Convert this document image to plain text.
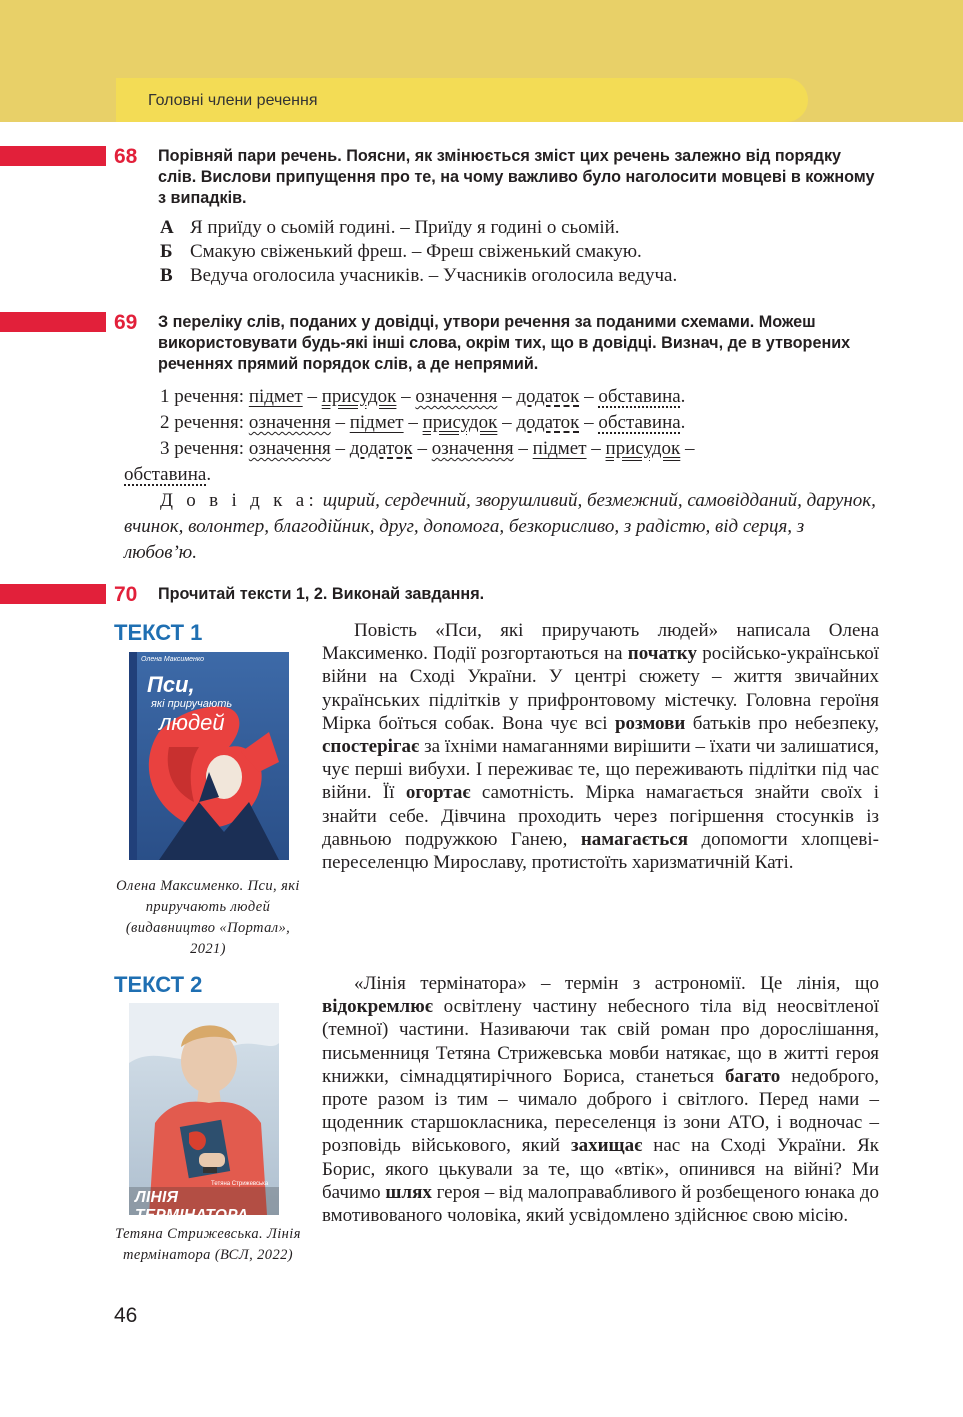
Головні члени речення
68 Порівняй пари речень. Поясни, як змінюється зміст цих речень залежно від порядку слів. Вислови припущення про те, на чому важливо було наголосити мовцеві в кожному з випадків.
А Я приїду о сьомій годині. – Приїду я годині о сьомій.
Б Смакую свіженький фреш. – Фреш свіженький смакую.
В Ведуча оголосила учасників. – Учасників оголосила ведуча.
69 З переліку слів, поданих у довідці, утвори речення за поданими схемами. Можеш використовувати будь-які інші слова, окрім тих, що в довідці. Визнач, де в утворених реченнях прямий порядок слів, а де непрямий.
1 речення: підмет – присудок – означення – додаток – обставина.
2 речення: означення – підмет – присудок – додаток – обставина.
3 речення: означення – додаток – означення – підмет – присудок –
обставина.
Д о в і д к а: щирий, сердечний, зворушливий, безмежний, самовідданий, дарунок, вчинок, волонтер, благодійник, друг, допомога, безкорисливо, з радістю, від серця, з любов’ю.
70 Прочитай тексти 1, 2. Виконай завдання.
ТЕКСТ 1
Олена Максименко
Пси,
які приручають
людей
Олена Максименко. Пси, які приручають людей (видавництво «Портал», 2021)

Повість «Пси, які приручають людей» написала Олена Максименко. Події розгортаються на початку російсько-української війни на Сході України. У центрі сюжету – життя звичайних українських підлітків у прифронтовому містечку. Головна героїня Мірка боїться собак. Вона чує всі розмови батьків про небезпеку, спостерігає за їхніми намаганнями вирішити – їхати чи залишатися, чує перші вибухи. І переживає те, що переживають підлітки під час війни. Її огортає самотність. Мірка намагається знайти своїх і знайти себе. Дівчина проходить через погіршення стосунків із давньою подружкою Ганею, намагається допомогти хлопцеві-переселенцю Мирославу, протистоїть харизматичній Каті.

ТЕКСТ 2
Тетяна Стрижевська
ЛІНІЯ ТЕРМІНАТОРА
Тетяна Стрижевська. Лінія термінатора (ВСЛ, 2022)

«Лінія термінатора» – термін з астрономії. Це лінія, що відокремлює освітлену частину небесного тіла від неосвітленої (темної) частини. Називаючи так свій роман про дорослішання, письменниця Тетяна Стрижевська мовби натякає, що в житті героя книжки, сімнадцятирічного Бориса, станеться багато недоброго, проте разом із тим – чимало доброго і світлого. Перед нами – щоденник старшокласника, переселенця із зони АТО, і водночас – розповідь військового, який захищає нас на Сході України. Як Борис, якого цькували за те, що «втік», опинився на війні? Ми бачимо шлях героя – від малоправабливого й розбещеного юнака до вмотивованого чоловіка, який усвідомлено здійснює свою місію.

46
